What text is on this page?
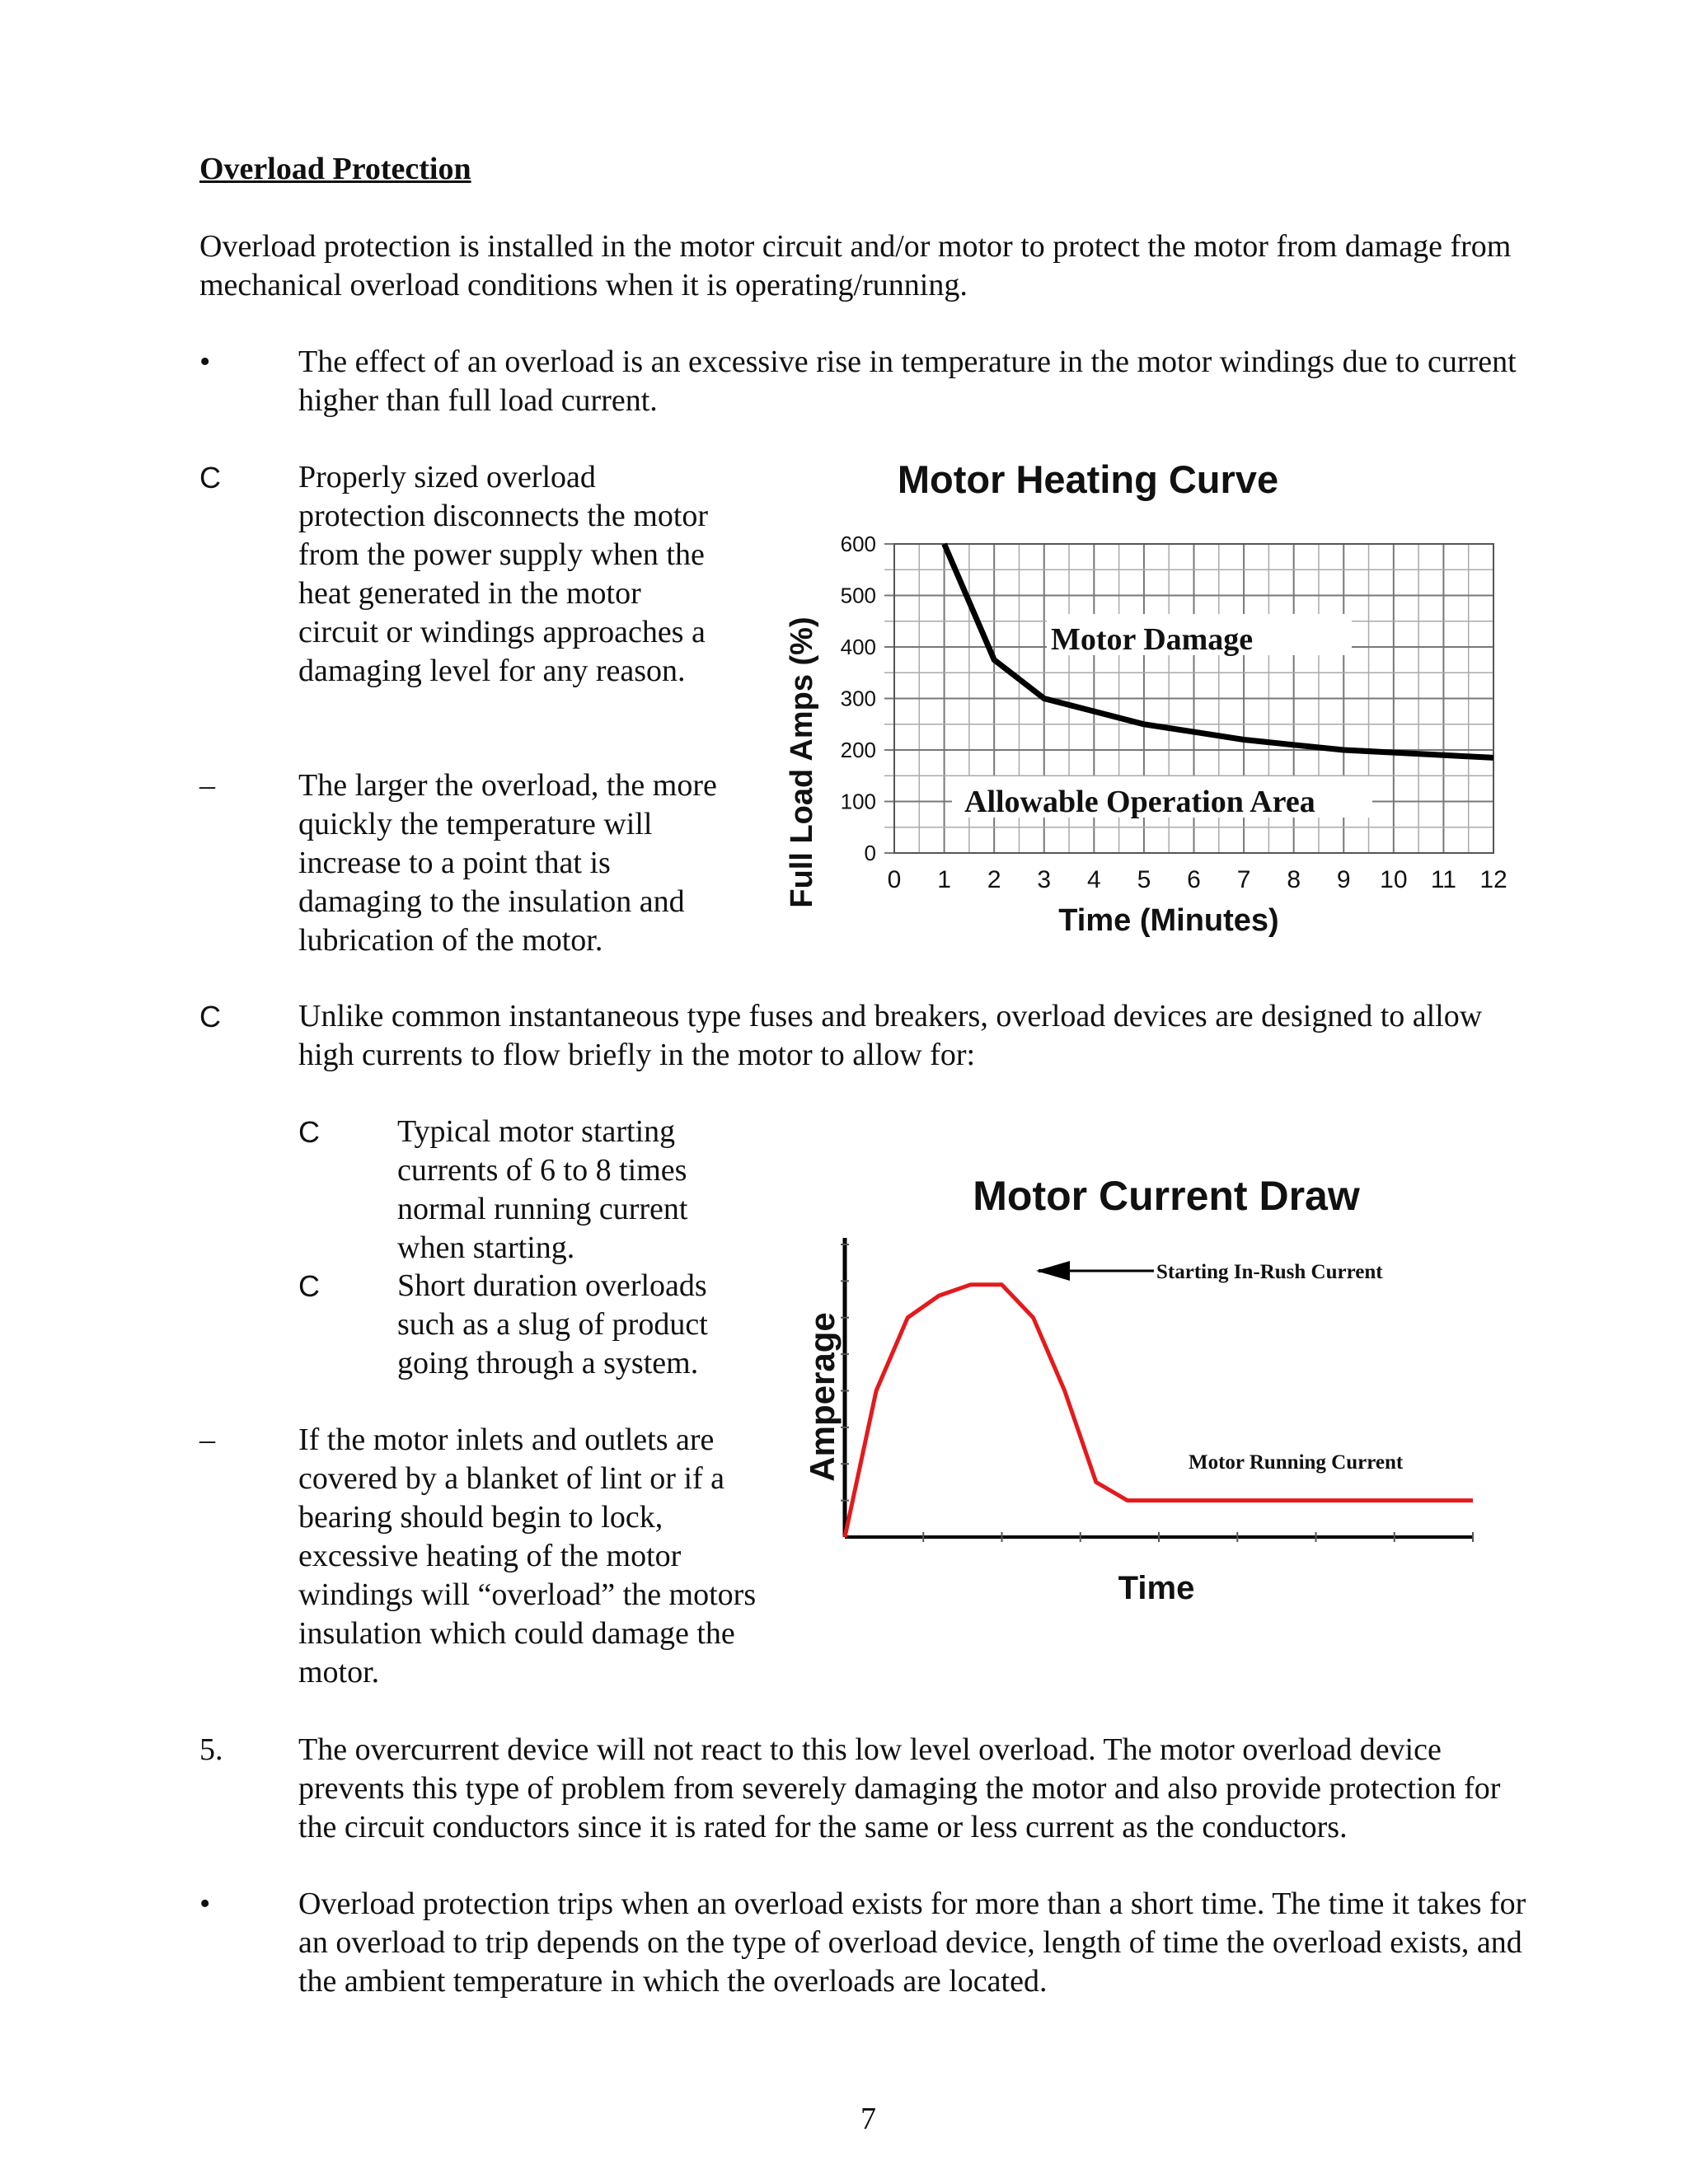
Overload Protection
Overload protection is installed in the motor circuit and/or motor to protect the motor from damage from mechanical overload conditions when it is operating/running.
•	The effect of an overload is an excessive rise in temperature in the motor windings due to current higher than full load current.
C Properly sized overload protection disconnects the motor from the power supply when the heat generated in the motor circuit or windings approaches a damaging level for any reason.
–	The larger the overload, the more quickly the temperature will increase to a point that is damaging to the insulation and lubrication of the motor.
C Unlike common instantaneous type fuses and breakers, overload devices are designed to allow high currents to flow briefly in the motor to allow for:
C Typical motor starting currents of 6 to 8 times normal running current when starting.
C Short duration overloads such as a slug of product going through a system.
–	If the motor inlets and outlets are covered by a blanket of lint or if a bearing should begin to lock, excessive heating of the motor windings will “overload” the motors insulation which could damage the motor.
5. The overcurrent device will not react to this low level overload. The motor overload device prevents this type of problem from severely damaging the motor and also provide protection for the circuit conductors since it is rated for the same or less current as the conductors.
•	Overload protection trips when an overload exists for more than a short time. The time it takes for an overload to trip depends on the type of overload device, length of time the overload exists, and the ambient temperature in which the overloads are located.
7
Motor Heating Curve
0
100
200
300
400
500
600
0 1 2 3 4 5 6 7 8 9 10 11 12
Motor Damage
Allowable Operation Area
Time (Minutes)
Full Load Amps (%)
Motor Current Draw
Starting In-Rush Current
Motor Running Current
Time
Amperage
